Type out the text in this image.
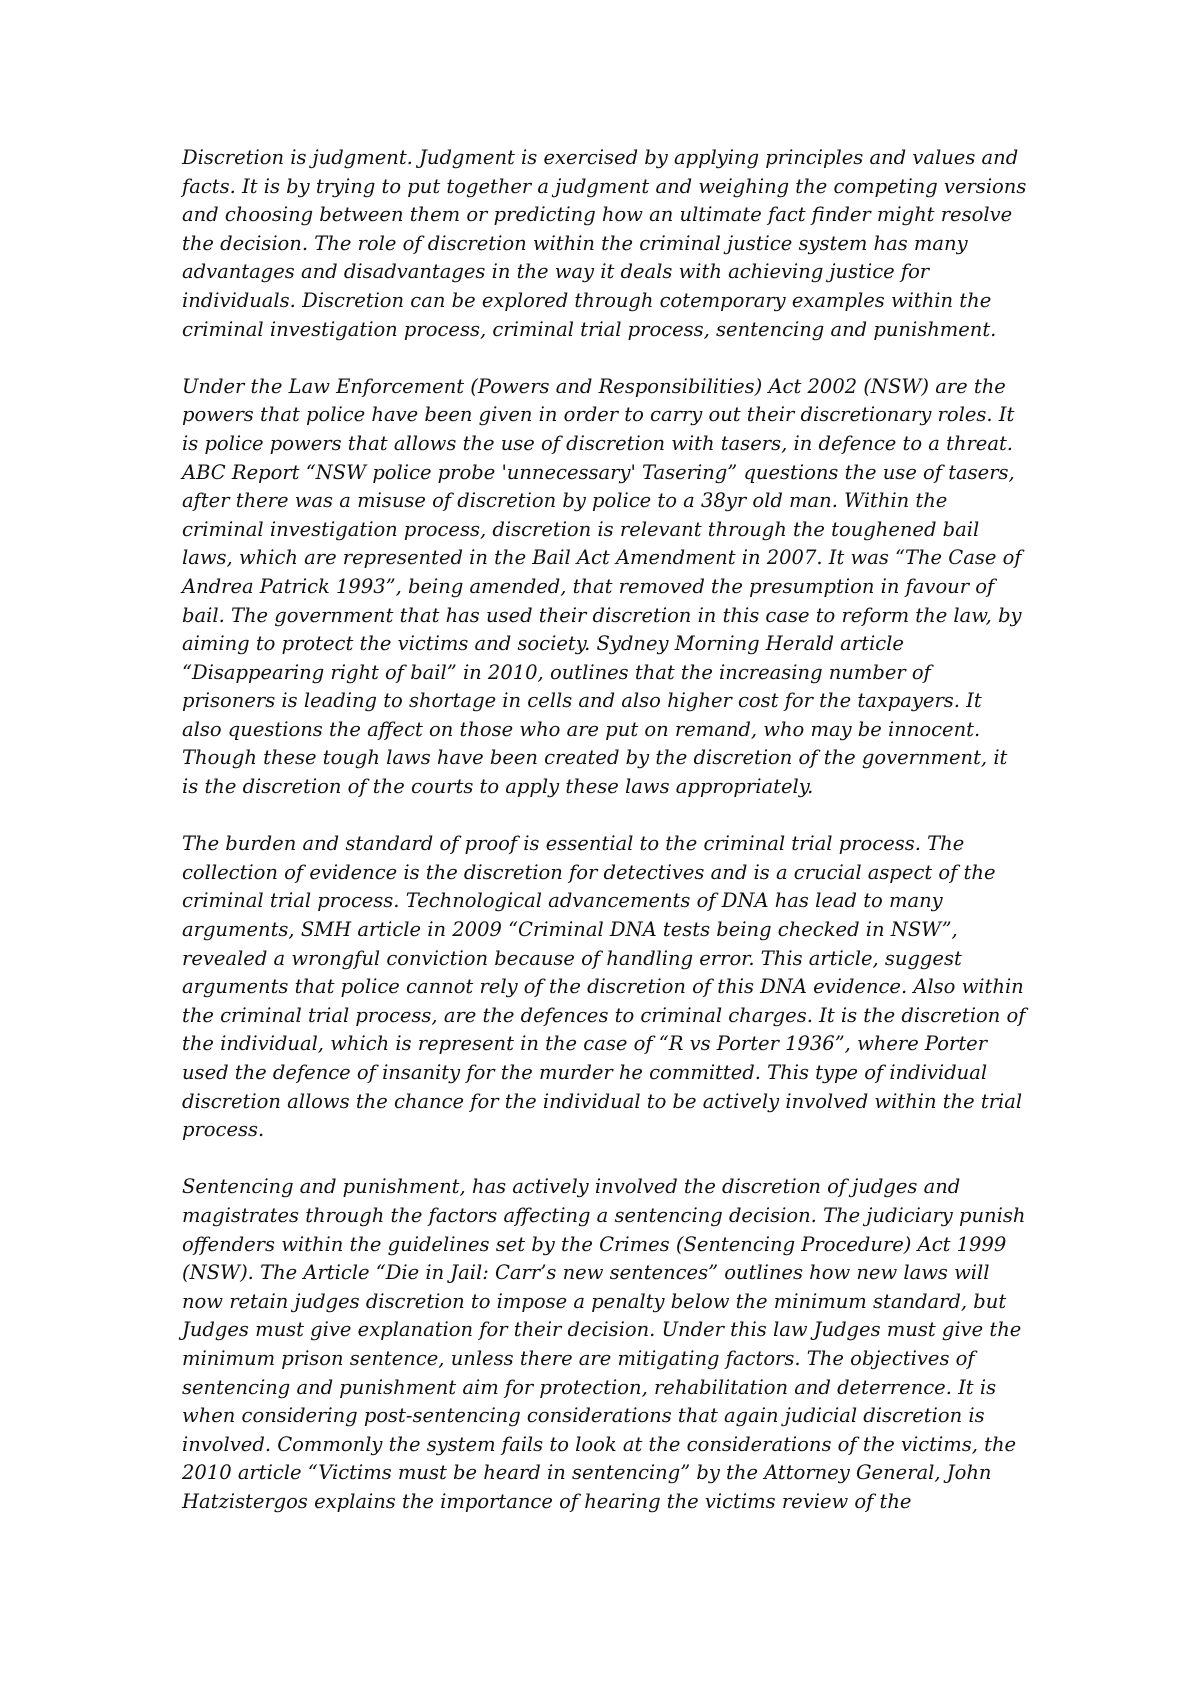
Discretion is judgment. Judgment is exercised by applying principles and values and facts. It is by trying to put together a judgment and weighing the competing versions and choosing between them or predicting how an ultimate fact finder might resolve the decision. The role of discretion within the criminal justice system has many advantages and disadvantages in the way it deals with achieving justice for individuals. Discretion can be explored through cotemporary examples within the criminal investigation process, criminal trial process, sentencing and punishment.

Under the Law Enforcement (Powers and Responsibilities) Act 2002 (NSW) are the powers that police have been given in order to carry out their discretionary roles. It is police powers that allows the use of discretion with tasers, in defence to a threat. ABC Report “NSW police probe 'unnecessary' Tasering” questions the use of tasers, after there was a misuse of discretion by police to a 38yr old man. Within the criminal investigation process, discretion is relevant through the toughened bail laws, which are represented in the Bail Act Amendment in 2007. It was “The Case of Andrea Patrick 1993”, being amended, that removed the presumption in favour of bail. The government that has used their discretion in this case to reform the law, by aiming to protect the victims and society. Sydney Morning Herald article “Disappearing right of bail” in 2010, outlines that the increasing number of prisoners is leading to shortage in cells and also higher cost for the taxpayers. It also questions the affect on those who are put on remand, who may be innocent. Though these tough laws have been created by the discretion of the government, it is the discretion of the courts to apply these laws appropriately.

The burden and standard of proof is essential to the criminal trial process. The collection of evidence is the discretion for detectives and is a crucial aspect of the criminal trial process. Technological advancements of DNA has lead to many arguments, SMH article in 2009 “Criminal DNA tests being checked in NSW”, revealed a wrongful conviction because of handling error. This article, suggest arguments that police cannot rely of the discretion of this DNA evidence. Also within the criminal trial process, are the defences to criminal charges. It is the discretion of the individual, which is represent in the case of “R vs Porter 1936”, where Porter used the defence of insanity for the murder he committed. This type of individual discretion allows the chance for the individual to be actively involved within the trial process.

Sentencing and punishment, has actively involved the discretion of judges and magistrates through the factors affecting a sentencing decision. The judiciary punish offenders within the guidelines set by the Crimes (Sentencing Procedure) Act 1999 (NSW). The Article “Die in Jail: Carr’s new sentences” outlines how new laws will now retain judges discretion to impose a penalty below the minimum standard, but Judges must give explanation for their decision. Under this law Judges must give the minimum prison sentence, unless there are mitigating factors. The objectives of sentencing and punishment aim for protection, rehabilitation and deterrence. It is when considering post-sentencing considerations that again judicial discretion is involved. Commonly the system fails to look at the considerations of the victims, the 2010 article “Victims must be heard in sentencing” by the Attorney General, John Hatzistergos explains the importance of hearing the victims review of the
